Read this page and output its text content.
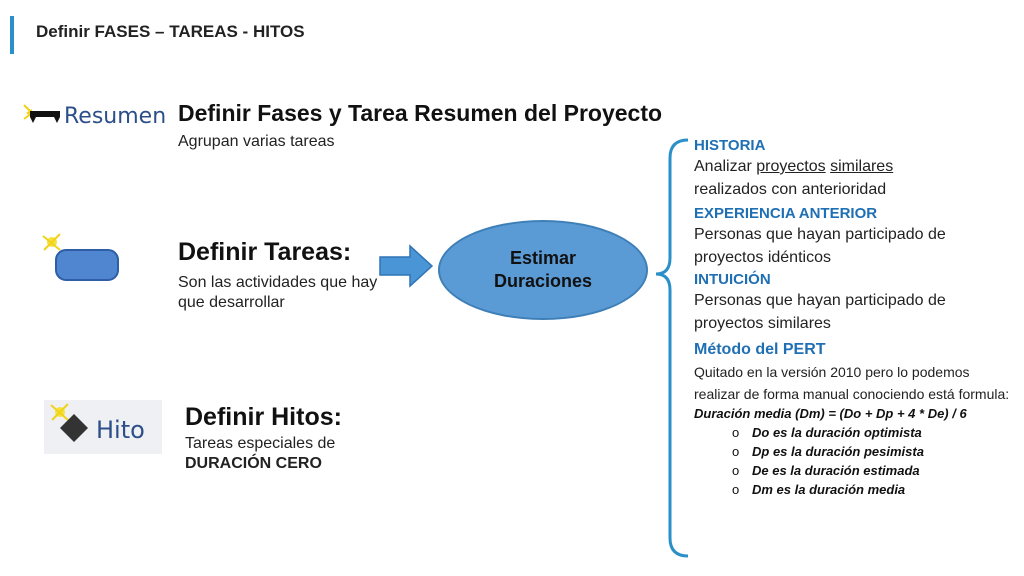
Definir FASES – TAREAS - HITOS
Resumen Definir Fases y Tarea Resumen del Proyecto
Agrupan varias tareas
Definir Tareas:
Son las actividades que hay que desarrollar
Hito Definir Hitos:
Tareas especiales de
DURACIÓN CERO
Estimar
Duraciones
HISTORIA
Analizar proyectos similares
realizados con anterioridad
EXPERIENCIA ANTERIOR
Personas que hayan participado de proyectos idénticos
INTUICIÓN
Personas que hayan participado de proyectos similares
Método del PERT
Quitado en la versión 2010 pero lo podemos realizar de forma manual conociendo está formula:
Duración media (Dm) = (Do + Dp + 4 * De) / 6
o Do es la duración optimista
o Dp es la duración pesimista
o De es la duración estimada
o Dm es la duración media
